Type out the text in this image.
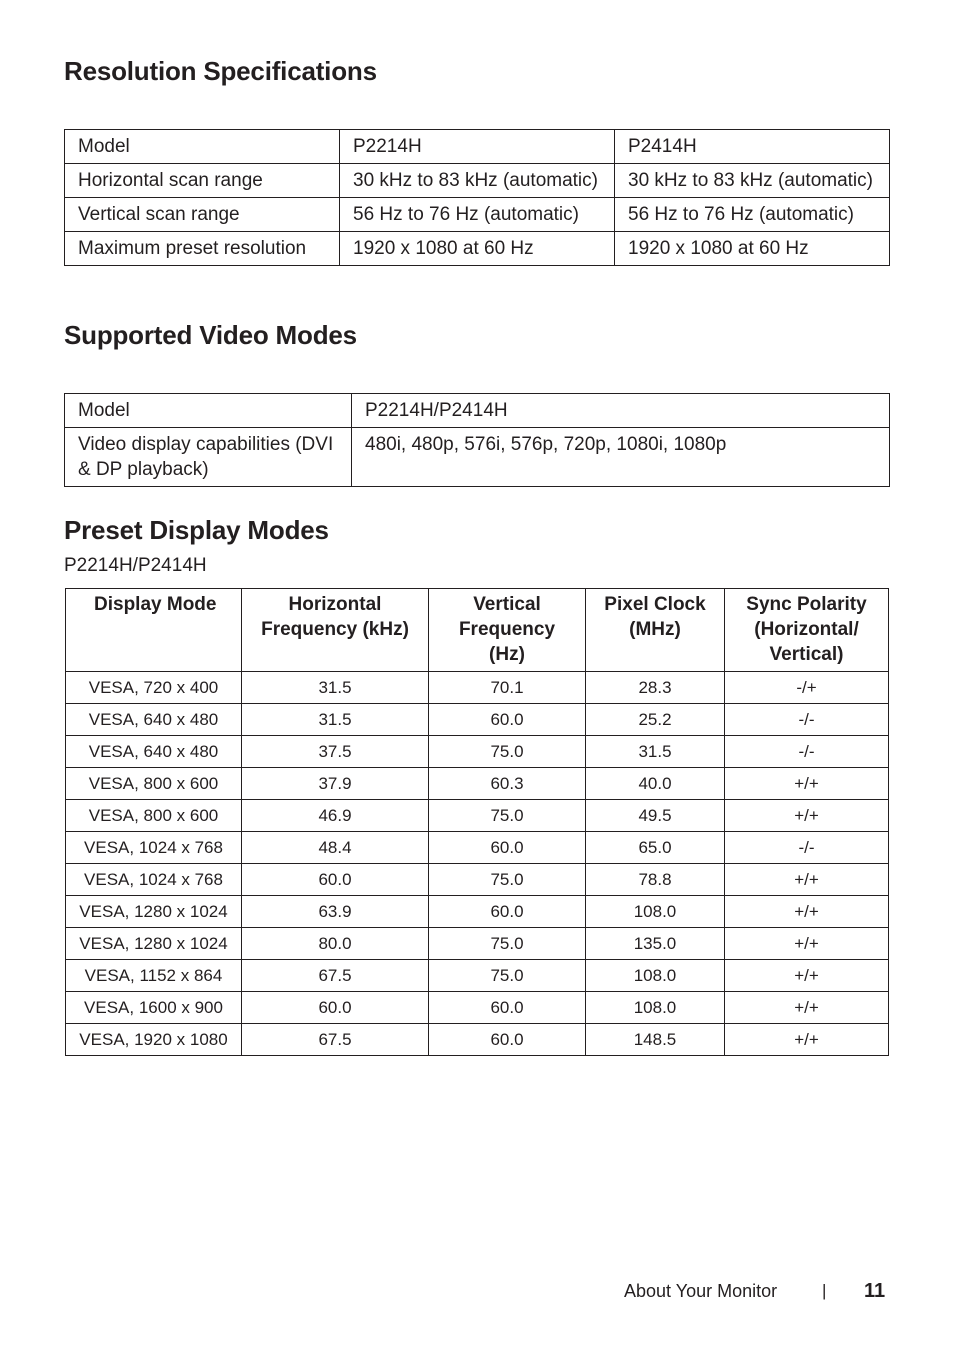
Resolution Specifications
Model	P2214H	P2414H
Horizontal scan range	30 kHz to 83 kHz (automatic)	30 kHz to 83 kHz (automatic)
Vertical scan range	56 Hz to 76 Hz (automatic)	56 Hz to 76 Hz (automatic)
Maximum preset resolution	1920 x 1080 at 60 Hz	1920 x 1080 at 60 Hz
Supported Video Modes
Model	P2214H/P2414H
Video display capabilities (DVI & DP playback)	480i, 480p, 576i, 576p, 720p, 1080i, 1080p
Preset Display Modes
P2214H/P2414H
Display Mode	Horizontal Frequency (kHz)	Vertical Frequency (Hz)	Pixel Clock (MHz)	Sync Polarity (Horizontal/ Vertical)
VESA, 720 x 400	31.5	70.1	28.3	-/+
VESA, 640 x 480	31.5	60.0	25.2	-/-
VESA, 640 x 480	37.5	75.0	31.5	-/-
VESA, 800 x 600	37.9	60.3	40.0	+/+
VESA, 800 x 600	46.9	75.0	49.5	+/+
VESA, 1024 x 768	48.4	60.0	65.0	-/-
VESA, 1024 x 768	60.0	75.0	78.8	+/+
VESA, 1280 x 1024	63.9	60.0	108.0	+/+
VESA, 1280 x 1024	80.0	75.0	135.0	+/+
VESA, 1152 x 864	67.5	75.0	108.0	+/+
VESA, 1600 x 900	60.0	60.0	108.0	+/+
VESA, 1920 x 1080	67.5	60.0	148.5	+/+
About Your Monitor	| 11
